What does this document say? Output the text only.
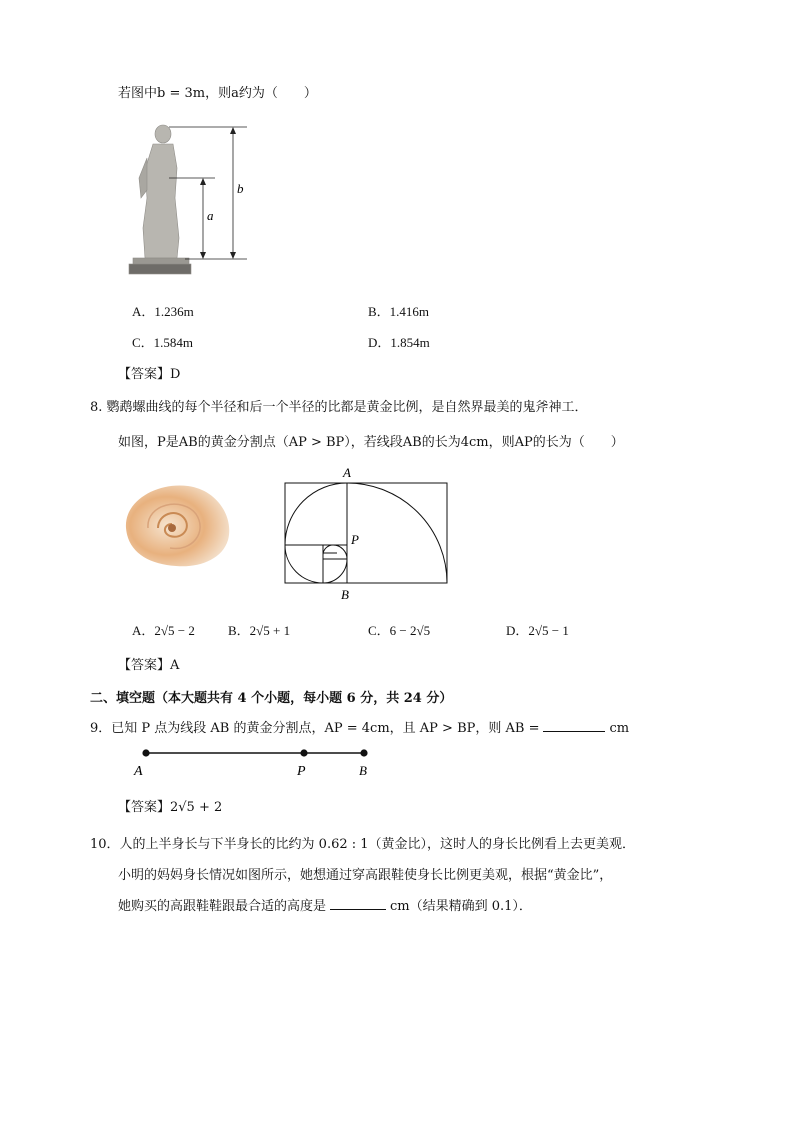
若图中b = 3m，则a约为（　　）
b
a
A．1.236m	B．1.416m
C．1.584m	D．1.854m
【答案】D
8. 鹦鹉螺曲线的每个半径和后一个半径的比都是黄金比例，是自然界最美的鬼斧神工．
如图，P是AB的黄金分割点（AP > BP），若线段AB的长为4cm，则AP的长为（　　）
A
P
B
A．2√5 − 2	B．2√5 + 1	C．6 − 2√5	D．2√5 − 1
【答案】A
二、填空题（本大题共有 4 个小题，每小题 6 分，共 24 分）
9．已知 P 点为线段 AB 的黄金分割点，AP = 4cm，且 AP > BP，则 AB =	cm
A	P	B
【答案】2√5 + 2
10．人的上半身长与下半身长的比约为 0.62 : 1（黄金比），这时人的身长比例看上去更美观．
小明的妈妈身长情况如图所示，她想通过穿高跟鞋使身长比例更美观，根据“黄金比”，
她购买的高跟鞋鞋跟最合适的高度是	cm（结果精确到 0.1）．
